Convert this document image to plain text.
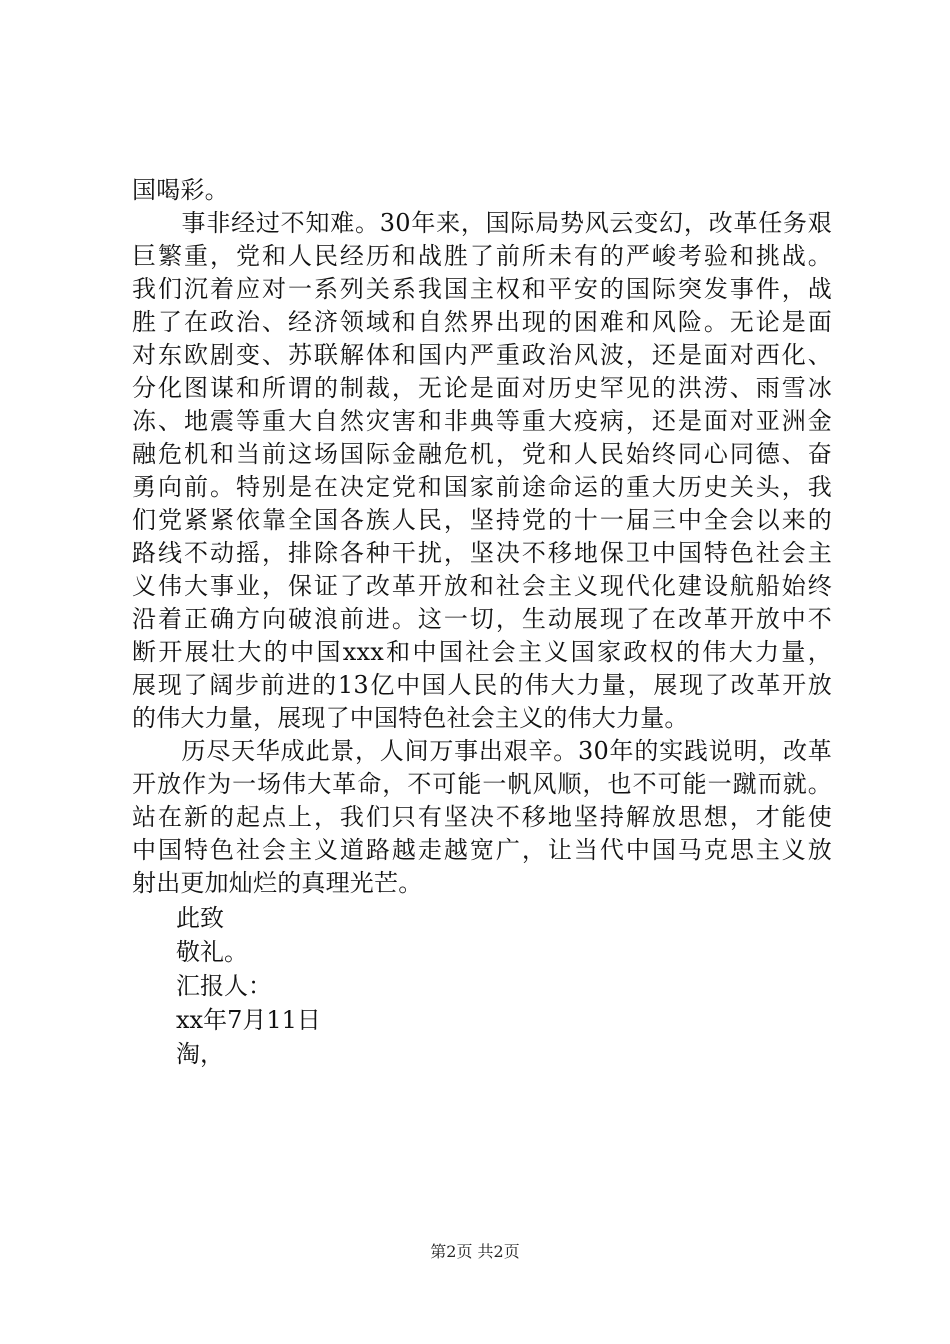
国喝彩。
　　事非经过不知难。30年来，国际局势风云变幻，改革任务艰
巨繁重，党和人民经历和战胜了前所未有的严峻考验和挑战。
我们沉着应对一系列关系我国主权和平安的国际突发事件，战
胜了在政治、经济领域和自然界出现的困难和风险。无论是面
对东欧剧变、苏联解体和国内严重政治风波，还是面对西化、
分化图谋和所谓的制裁，无论是面对历史罕见的洪涝、雨雪冰
冻、地震等重大自然灾害和非典等重大疫病，还是面对亚洲金
融危机和当前这场国际金融危机，党和人民始终同心同德、奋
勇向前。特别是在决定党和国家前途命运的重大历史关头，我
们党紧紧依靠全国各族人民，坚持党的十一届三中全会以来的
路线不动摇，排除各种干扰，坚决不移地保卫中国特色社会主
义伟大事业，保证了改革开放和社会主义现代化建设航船始终
沿着正确方向破浪前进。这一切，生动展现了在改革开放中不
断开展壮大的中国xxx和中国社会主义国家政权的伟大力量，
展现了阔步前进的13亿中国人民的伟大力量，展现了改革开放
的伟大力量，展现了中国特色社会主义的伟大力量。
　　历尽天华成此景，人间万事出艰辛。30年的实践说明，改革
开放作为一场伟大革命，不可能一帆风顺，也不可能一蹴而就。
站在新的起点上，我们只有坚决不移地坚持解放思想，才能使
中国特色社会主义道路越走越宽广，让当代中国马克思主义放
射出更加灿烂的真理光芒。
此致
敬礼。
汇报人：
xx年7月11日
淘，
第2页 共2页
